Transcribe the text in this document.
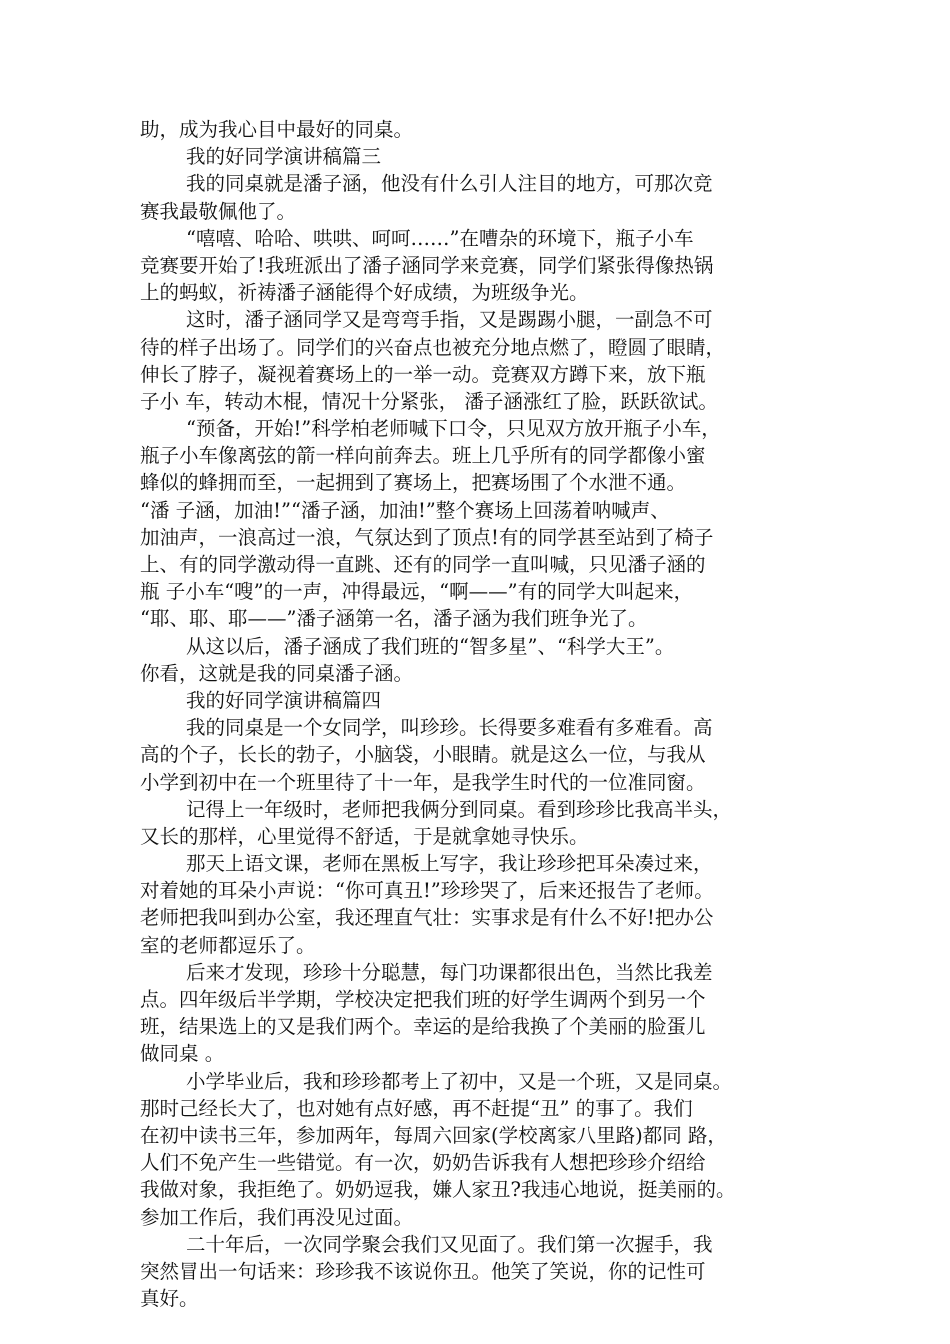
助，成为我心目中最好的同桌。
我的好同学演讲稿篇三
我的同桌就是潘子涵，他没有什么引人注目的地方，可那次竞
赛我最敬佩他了。
“嘻嘻、哈哈、哄哄、呵呵……”在嘈杂的环境下，瓶子小车
竞赛要开始了!我班派出了潘子涵同学来竞赛，同学们紧张得像热锅
上的蚂蚁，祈祷潘子涵能得个好成绩，为班级争光。
这时，潘子涵同学又是弯弯手指，又是踢踢小腿，一副急不可
待的样子出场了。同学们的兴奋点也被充分地点燃了，瞪圆了眼睛，
伸长了脖子，凝视着赛场上的一举一动。竞赛双方蹲下来，放下瓶
子小 车，转动木棍，情况十分紧张， 潘子涵涨红了脸，跃跃欲试。
“预备，开始!”科学柏老师喊下口令，只见双方放开瓶子小车，
瓶子小车像离弦的箭一样向前奔去。班上几乎所有的同学都像小蜜
蜂似的蜂拥而至，一起拥到了赛场上，把赛场围了个水泄不通。
“潘 子涵，加油!”“潘子涵，加油!”整个赛场上回荡着呐喊声、
加油声，一浪高过一浪，气氛达到了顶点!有的同学甚至站到了椅子
上、有的同学激动得一直跳、还有的同学一直叫喊，只见潘子涵的
瓶 子小车“嗖”的一声，冲得最远，“啊——”有的同学大叫起来，
“耶、耶、耶——”潘子涵第一名，潘子涵为我们班争光了。
从这以后，潘子涵成了我们班的“智多星”、“科学大王”。
你看，这就是我的同桌潘子涵。
我的好同学演讲稿篇四
我的同桌是一个女同学，叫珍珍。长得要多难看有多难看。高
高的个子，长长的勃子，小脑袋，小眼睛。就是这么一位，与我从
小学到初中在一个班里待了十一年，是我学生时代的一位准同窗。
记得上一年级时，老师把我俩分到同桌。看到珍珍比我高半头，
又长的那样，心里觉得不舒适，于是就拿她寻快乐。
那天上语文课，老师在黑板上写字，我让珍珍把耳朵凑过来，
对着她的耳朵小声说：“你可真丑!”珍珍哭了，后来还报告了老师。
老师把我叫到办公室，我还理直气壮：实事求是有什么不好!把办公
室的老师都逗乐了。
后来才发现，珍珍十分聪慧，每门功课都很出色，当然比我差
点。四年级后半学期，学校决定把我们班的好学生调两个到另一个
班，结果选上的又是我们两个。幸运的是给我换了个美丽的脸蛋儿
做同桌 。
小学毕业后，我和珍珍都考上了初中，又是一个班，又是同桌。
那时己经长大了，也对她有点好感，再不赶提“丑” 的事了。我们
在初中读书三年，参加两年，每周六回家(学校离家八里路)都同 路，
人们不免产生一些错觉。有一次，奶奶告诉我有人想把珍珍介绍给
我做对象，我拒绝了。奶奶逗我，嫌人家丑?我违心地说，挺美丽的。
参加工作后，我们再没见过面。
二十年后，一次同学聚会我们又见面了。我们第一次握手，我
突然冒出一句话来：珍珍我不该说你丑。他笑了笑说，你的记性可
真好。
